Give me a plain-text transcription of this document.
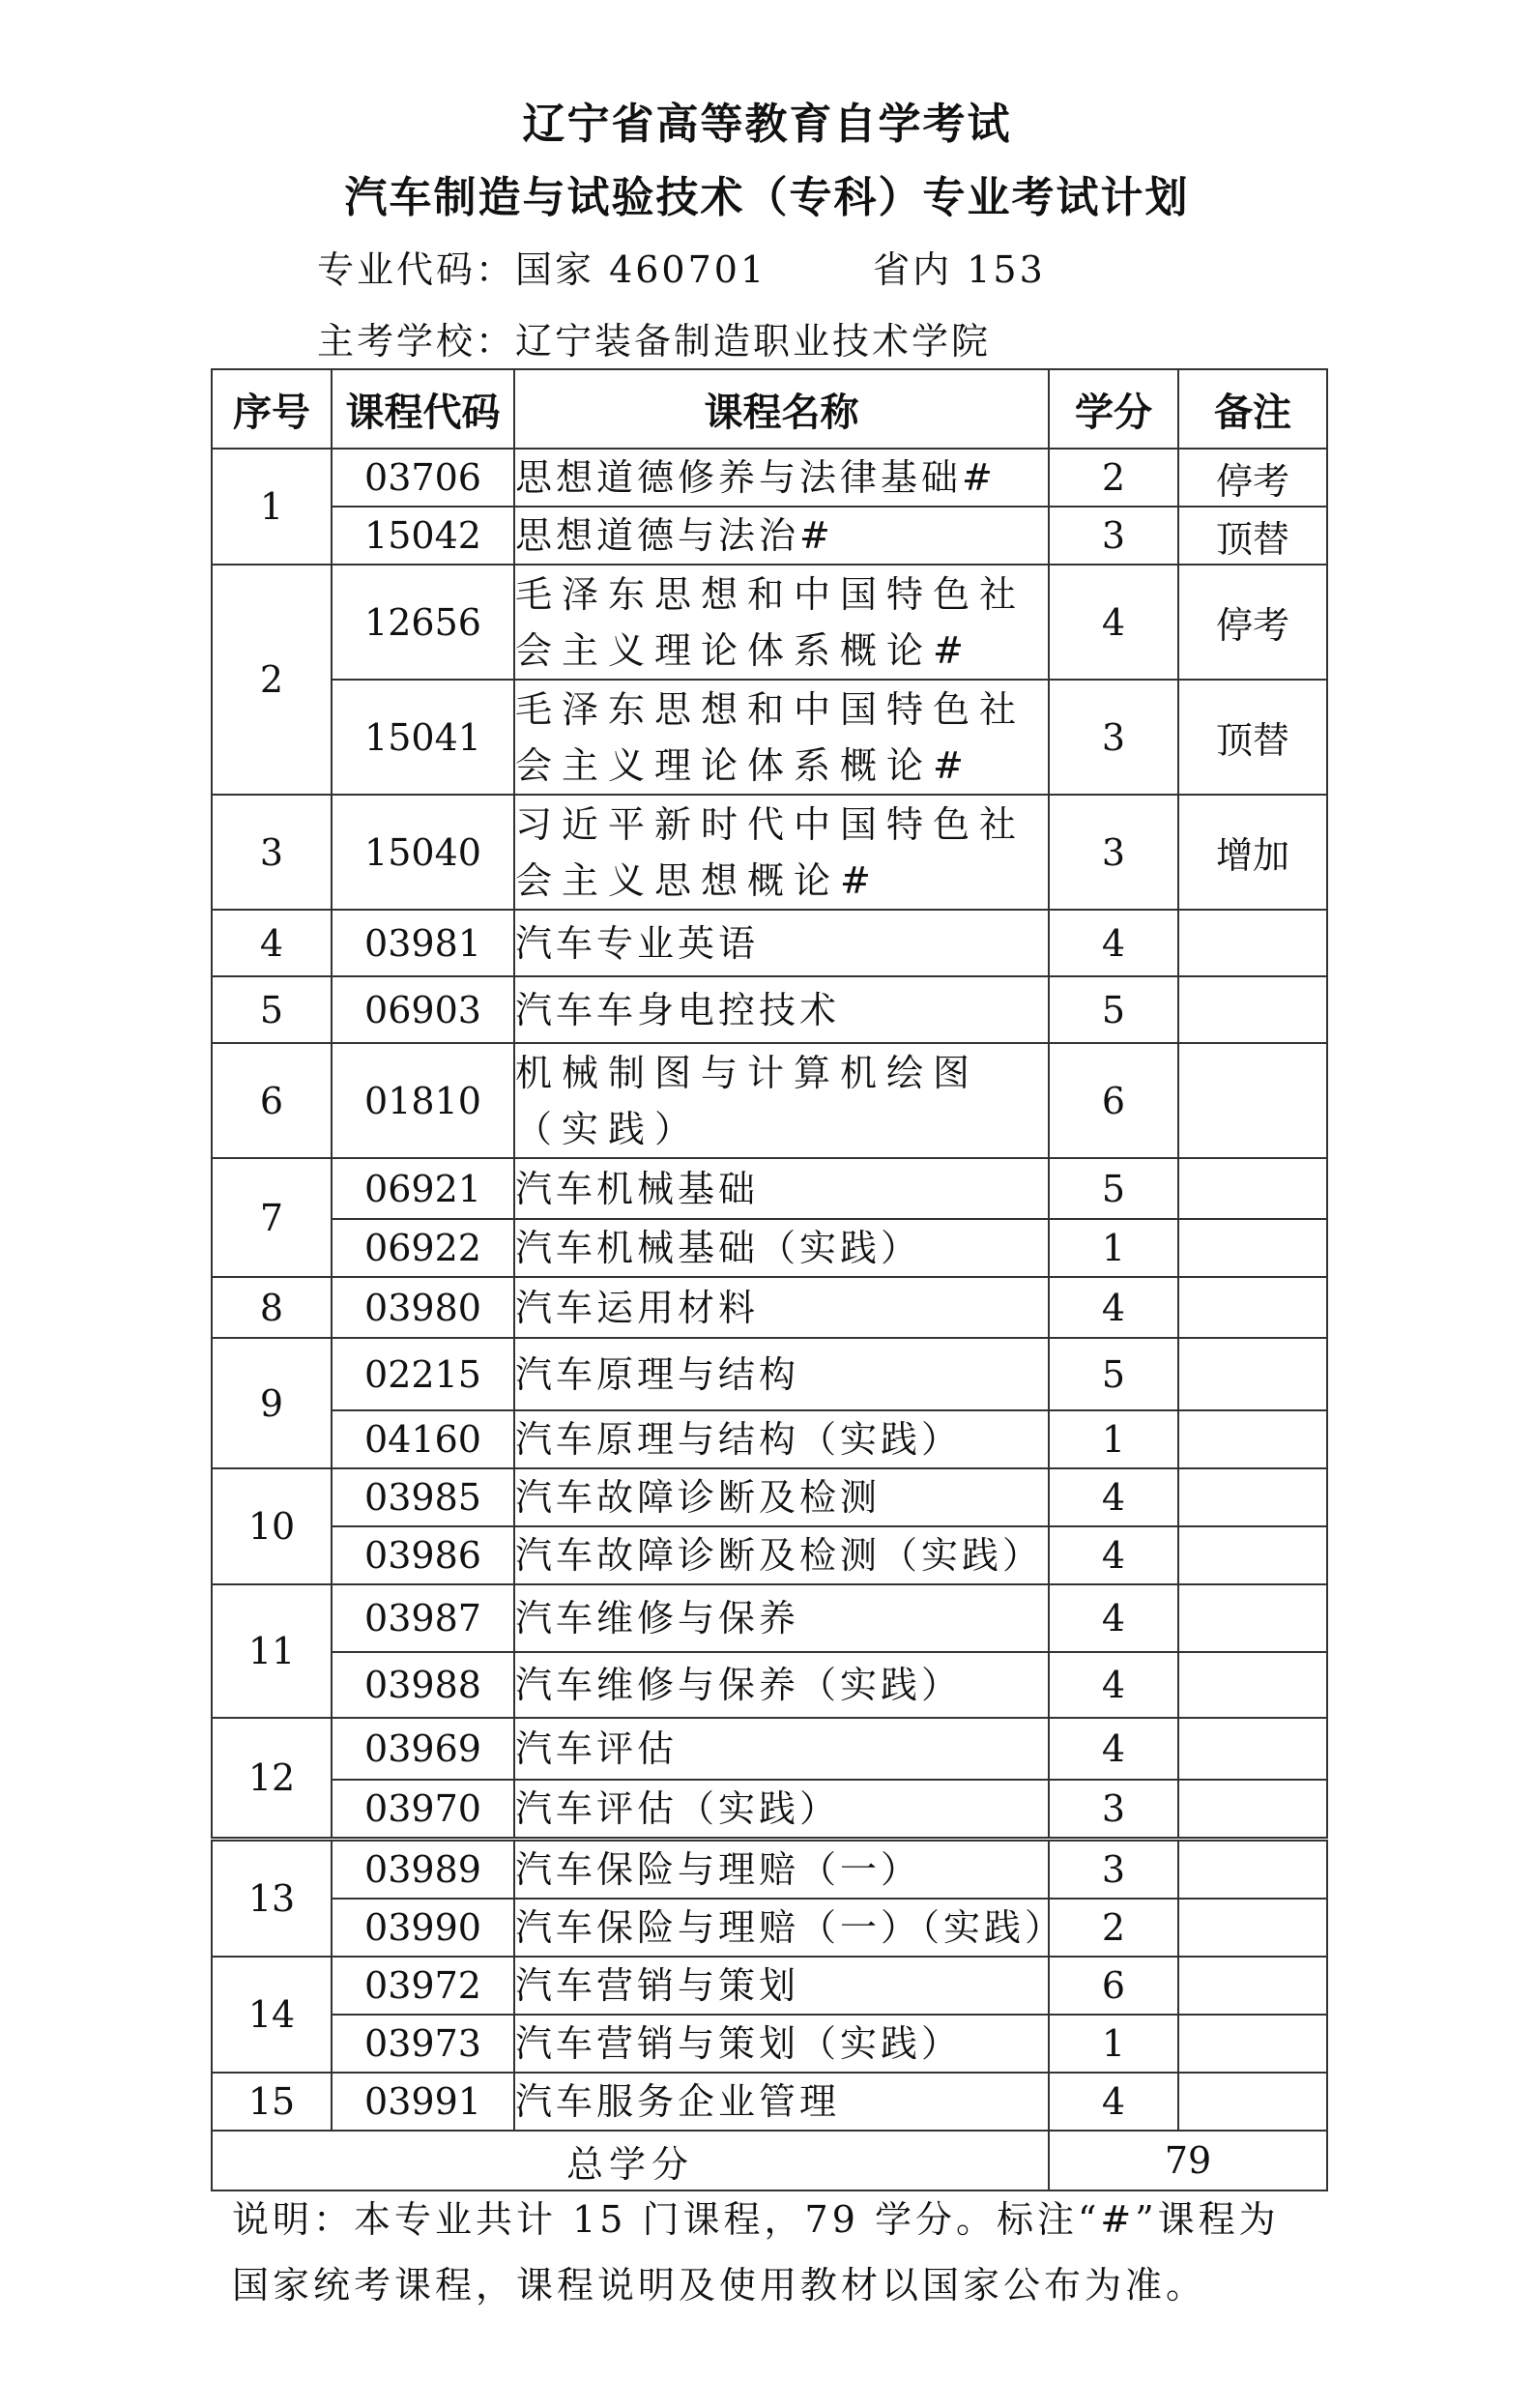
辽宁省高等教育自学考试
汽车制造与试验技术（专科）专业考试计划
专业代码：国家 460701	省内 153
主考学校：辽宁装备制造职业技术学院
序号	课程代码	课程名称	学分	备注
1	03706	思想道德修养与法律基础#	2	停考
	15042	思想道德与法治#	3	顶替
2	12656	毛泽东思想和中国特色社会主义理论体系概论#	4	停考
	15041	毛泽东思想和中国特色社会主义理论体系概论#	3	顶替
3	15040	习近平新时代中国特色社会主义思想概论#	3	增加
4	03981	汽车专业英语	4	
5	06903	汽车车身电控技术	5	
6	01810	机械制图与计算机绘图（实践）	6	
7	06921	汽车机械基础	5	
	06922	汽车机械基础（实践）	1	
8	03980	汽车运用材料	4	
9	02215	汽车原理与结构	5	
	04160	汽车原理与结构（实践）	1	
10	03985	汽车故障诊断及检测	4	
	03986	汽车故障诊断及检测（实践）	4	
11	03987	汽车维修与保养	4	
	03988	汽车维修与保养（实践）	4	
12	03969	汽车评估	4	
	03970	汽车评估（实践）	3	
13	03989	汽车保险与理赔（一）	3	
	03990	汽车保险与理赔（一）（实践）	2	
14	03972	汽车营销与策划	6	
	03973	汽车营销与策划（实践）	1	
15	03991	汽车服务企业管理	4	
总学分			79	
说明：本专业共计 15 门课程，79 学分。标注“#”课程为国家统考课程，课程说明及使用教材以国家公布为准。
